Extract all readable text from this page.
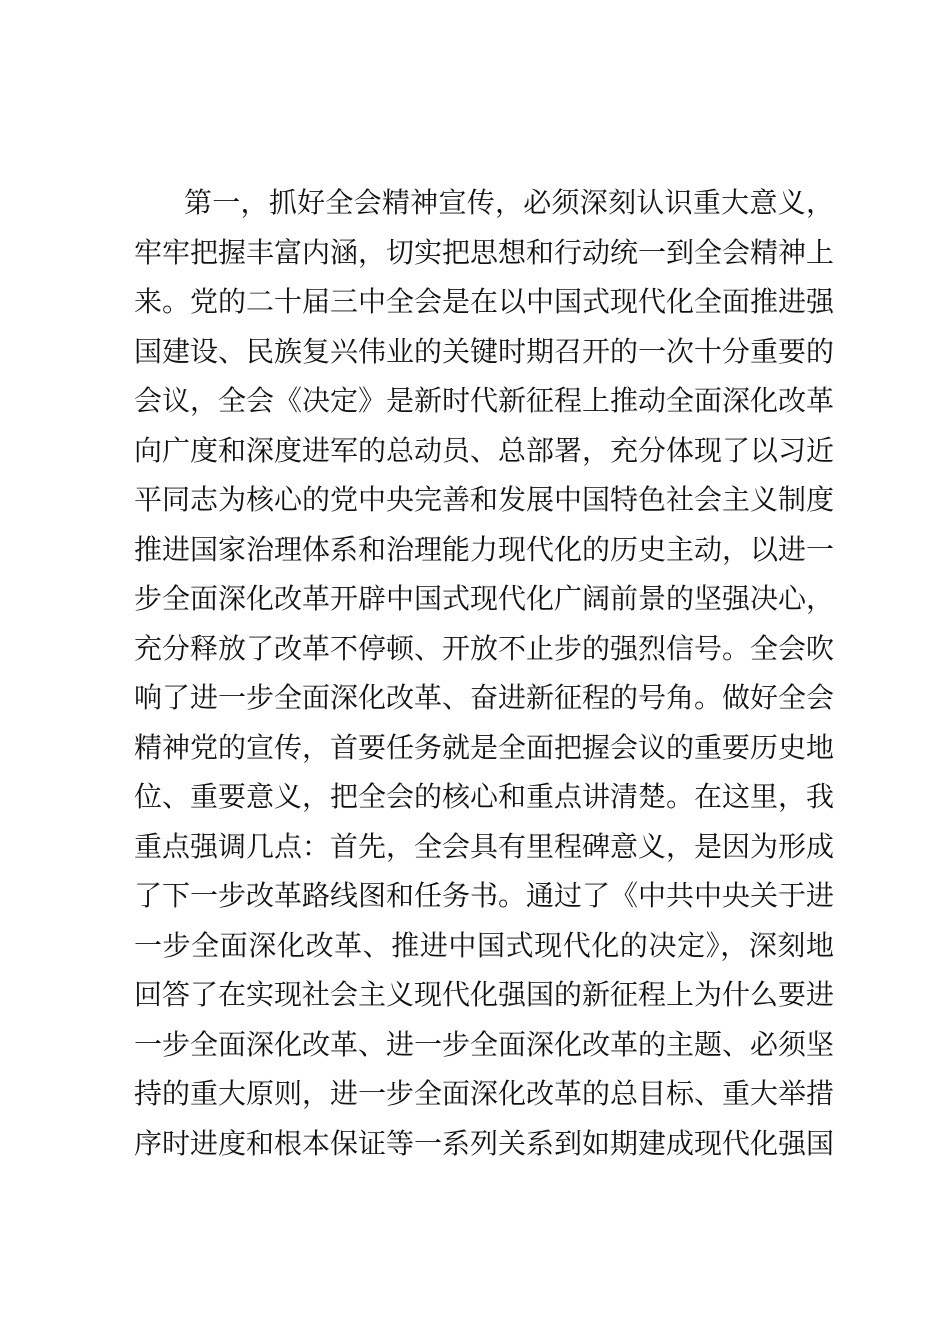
第一，抓好全会精神宣传，必须深刻认识重大意义，
牢牢把握丰富内涵，切实把思想和行动统一到全会精神上
来。党的二十届三中全会是在以中国式现代化全面推进强
国建设、民族复兴伟业的关键时期召开的一次十分重要的
会议，全会《决定》是新时代新征程上推动全面深化改革
向广度和深度进军的总动员、总部署，充分体现了以习近
平同志为核心的党中央完善和发展中国特色社会主义制度
推进国家治理体系和治理能力现代化的历史主动，以进一
步全面深化改革开辟中国式现代化广阔前景的坚强决心，
充分释放了改革不停顿、开放不止步的强烈信号。全会吹
响了进一步全面深化改革、奋进新征程的号角。做好全会
精神党的宣传，首要任务就是全面把握会议的重要历史地
位、重要意义，把全会的核心和重点讲清楚。在这里，我
重点强调几点：首先，全会具有里程碑意义，是因为形成
了下一步改革路线图和任务书。通过了《中共中央关于进
一步全面深化改革、推进中国式现代化的决定》，深刻地
回答了在实现社会主义现代化强国的新征程上为什么要进
一步全面深化改革、进一步全面深化改革的主题、必须坚
持的重大原则，进一步全面深化改革的总目标、重大举措
序时进度和根本保证等一系列关系到如期建成现代化强国
